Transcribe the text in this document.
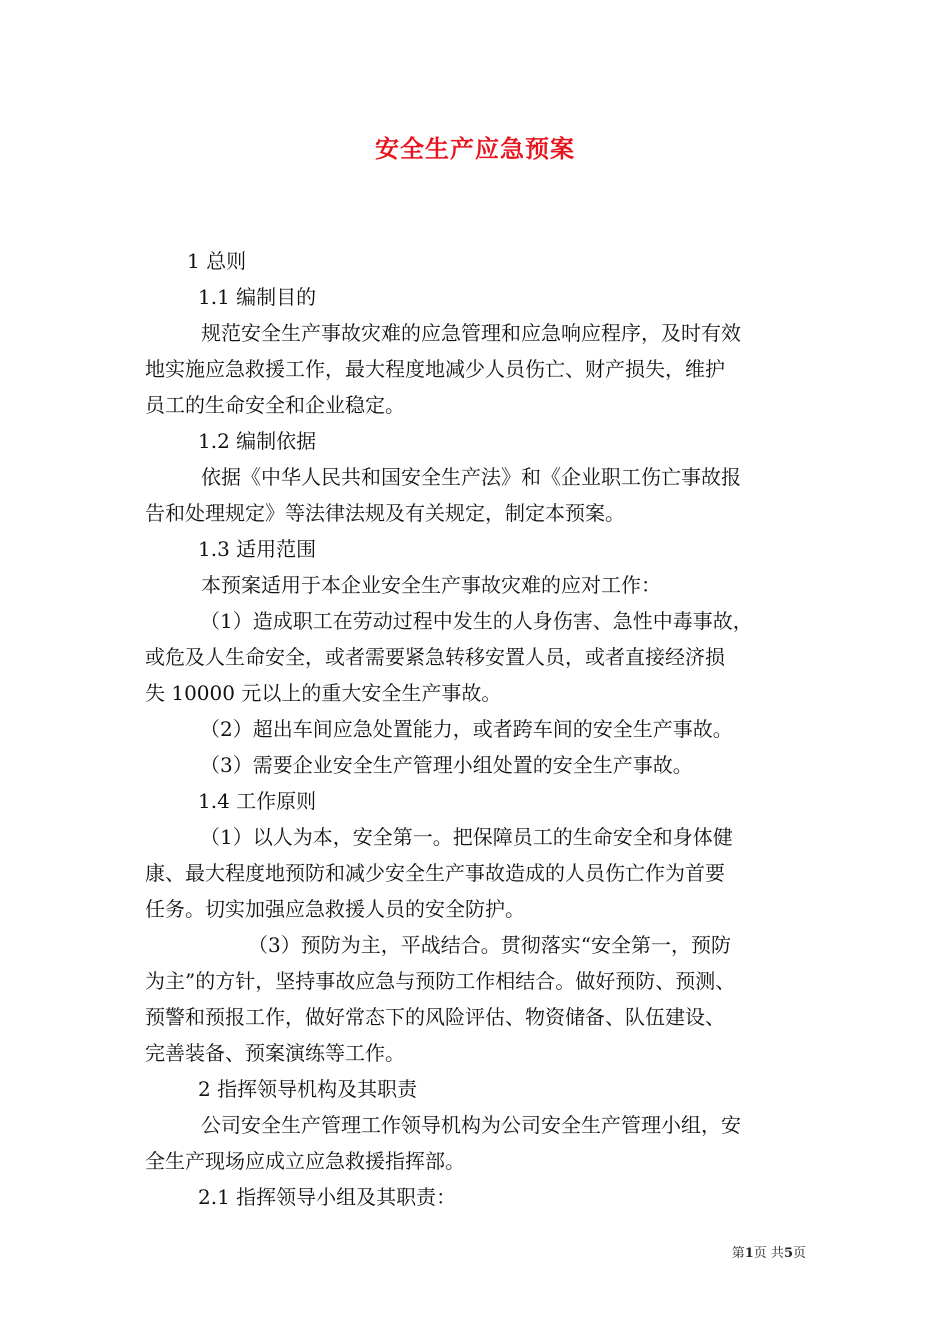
安全生产应急预案
1 总则
1.1 编制目的
规范安全生产事故灾难的应急管理和应急响应程序，及时有效
地实施应急救援工作，最大程度地减少人员伤亡、财产损失，维护
员工的生命安全和企业稳定。
1.2 编制依据
依据《中华人民共和国安全生产法》和《企业职工伤亡事故报
告和处理规定》等法律法规及有关规定，制定本预案。
1.3 适用范围
本预案适用于本企业安全生产事故灾难的应对工作：
（1）造成职工在劳动过程中发生的人身伤害、急性中毒事故，
或危及人生命安全，或者需要紧急转移安置人员，或者直接经济损
失 10000 元以上的重大安全生产事故。
（2）超出车间应急处置能力，或者跨车间的安全生产事故。
（3）需要企业安全生产管理小组处置的安全生产事故。
1.4 工作原则
（1）以人为本，安全第一。把保障员工的生命安全和身体健
康、最大程度地预防和减少安全生产事故造成的人员伤亡作为首要
任务。切实加强应急救援人员的安全防护。
（3）预防为主，平战结合。贯彻落实“安全第一，预防
为主”的方针，坚持事故应急与预防工作相结合。做好预防、预测、
预警和预报工作，做好常态下的风险评估、物资储备、队伍建设、
完善装备、预案演练等工作。
2 指挥领导机构及其职责
公司安全生产管理工作领导机构为公司安全生产管理小组，安
全生产现场应成立应急救援指挥部。
2.1 指挥领导小组及其职责：
第1页 共5页
